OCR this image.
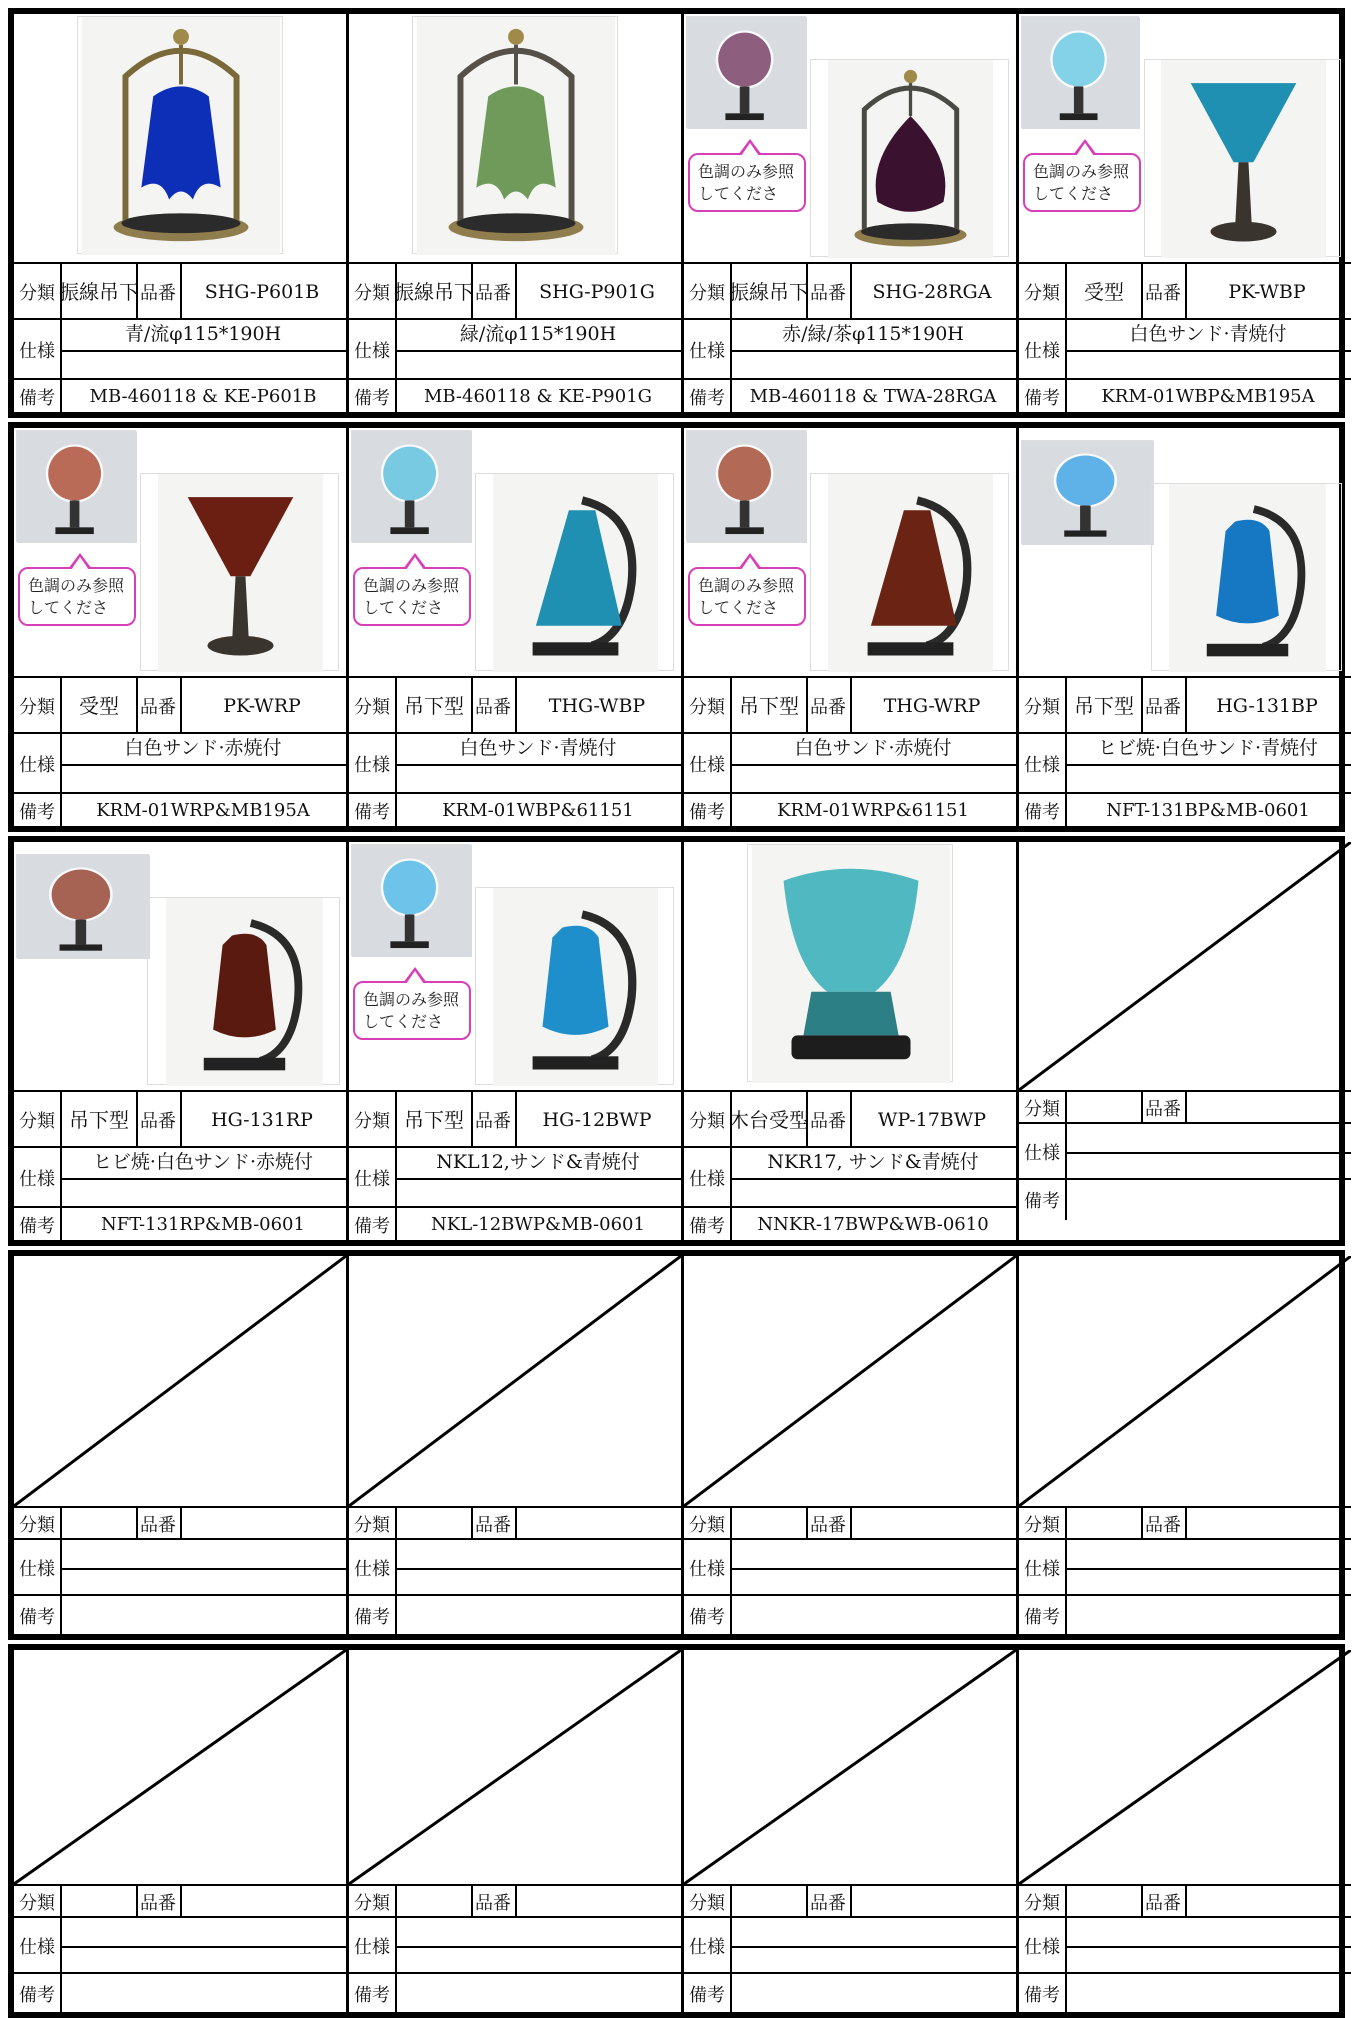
分類	品番
振線吊下	SHG-P601B
仕様
青/流φ115*190H
備考	MB-460118 & KE-P601B
分類	品番
振線吊下	SHG-P901G
仕様
緑/流φ115*190H
備考	MB-460118 & KE-P901G
色調のみ参照してくださ
分類	品番
振線吊下	SHG-28RGA
仕様
赤/緑/茶φ115*190H
備考	MB-460118 & TWA-28RGA
色調のみ参照してくださ
分類	品番
受型	PK-WBP
仕様
白色サンド·青焼付
備考	KRM-01WBP&MB195A
色調のみ参照してくださ
分類	品番
受型	PK-WRP
仕様
白色サンド·赤焼付
備考	KRM-01WRP&MB195A
色調のみ参照してくださ
分類	品番
吊下型	THG-WBP
仕様
白色サンド·青焼付
備考	KRM-01WBP&61151
色調のみ参照してくださ
分類	品番
吊下型	THG-WRP
仕様
白色サンド·赤焼付
備考	KRM-01WRP&61151
分類	品番
吊下型	HG-131BP
仕様
ヒビ焼·白色サンド·青焼付
備考	NFT-131BP&MB-0601
分類	品番
吊下型	HG-131RP
仕様
ヒビ焼·白色サンド·赤焼付
備考	NFT-131RP&MB-0601
色調のみ参照してくださ
分類	品番
吊下型	HG-12BWP
仕様
NKL12,サンド&青焼付
備考	NKL-12BWP&MB-0601
分類	品番
木台受型	WP-17BWP
仕様
NKR17, サンド&青焼付
備考	NNKR-17BWP&WB-0610
分類	品番
仕様
備考
分類	品番
仕様
備考
分類	品番
仕様
備考
分類	品番
仕様
備考
分類	品番
仕様
備考
分類	品番
仕様
備考
分類	品番
仕様
備考
分類	品番
仕様
備考
分類	品番
仕様
備考
